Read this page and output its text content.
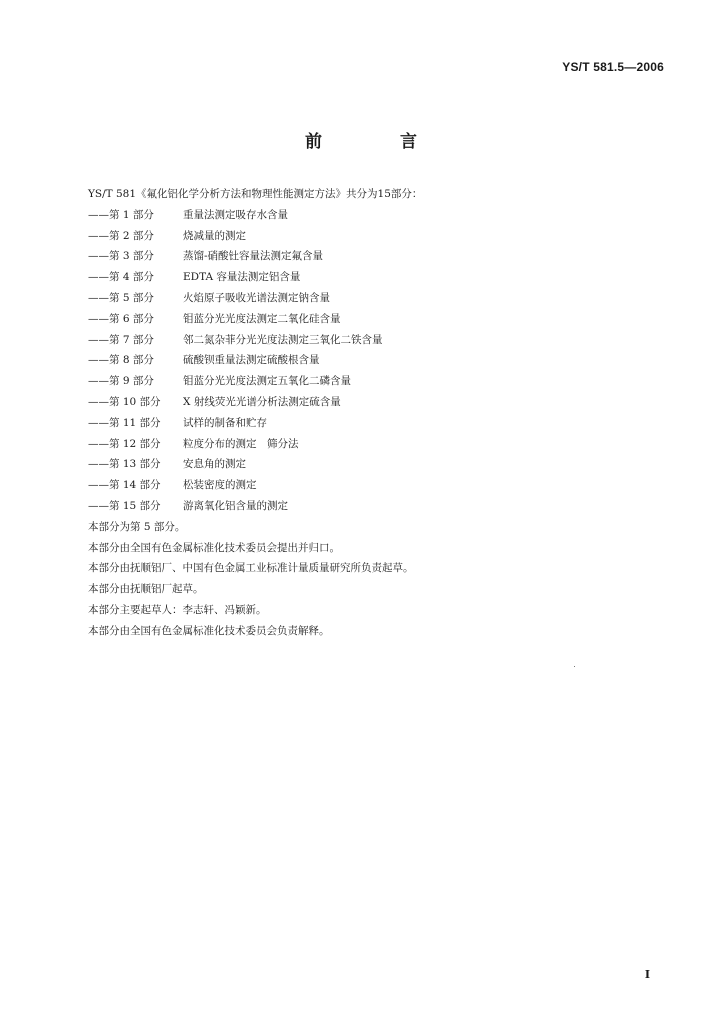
YS/T 581.5—2006
前 言
YS/T 581《氟化铝化学分析方法和物理性能测定方法》共分为15部分：
——第 1 部分	重量法测定吸存水含量
——第 2 部分	烧减量的测定
——第 3 部分	蒸馏-硝酸钍容量法测定氟含量
——第 4 部分	EDTA 容量法测定铝含量
——第 5 部分	火焰原子吸收光谱法测定钠含量
——第 6 部分	钼蓝分光光度法测定二氧化硅含量
——第 7 部分	邻二氮杂菲分光光度法测定三氧化二铁含量
——第 8 部分	硫酸钡重量法测定硫酸根含量
——第 9 部分	钼蓝分光光度法测定五氧化二磷含量
——第 10 部分 X 射线荧光光谱分析法测定硫含量
——第 11 部分 试样的制备和贮存
——第 12 部分 粒度分布的测定　筛分法
——第 13 部分 安息角的测定
——第 14 部分 松装密度的测定
——第 15 部分 游离氧化铝含量的测定
本部分为第 5 部分。
本部分由全国有色金属标准化技术委员会提出并归口。
本部分由抚顺铝厂、中国有色金属工业标准计量质量研究所负责起草。
本部分由抚顺铝厂起草。
本部分主要起草人：李志轩、冯颖新。
本部分由全国有色金属标准化技术委员会负责解释。
I
